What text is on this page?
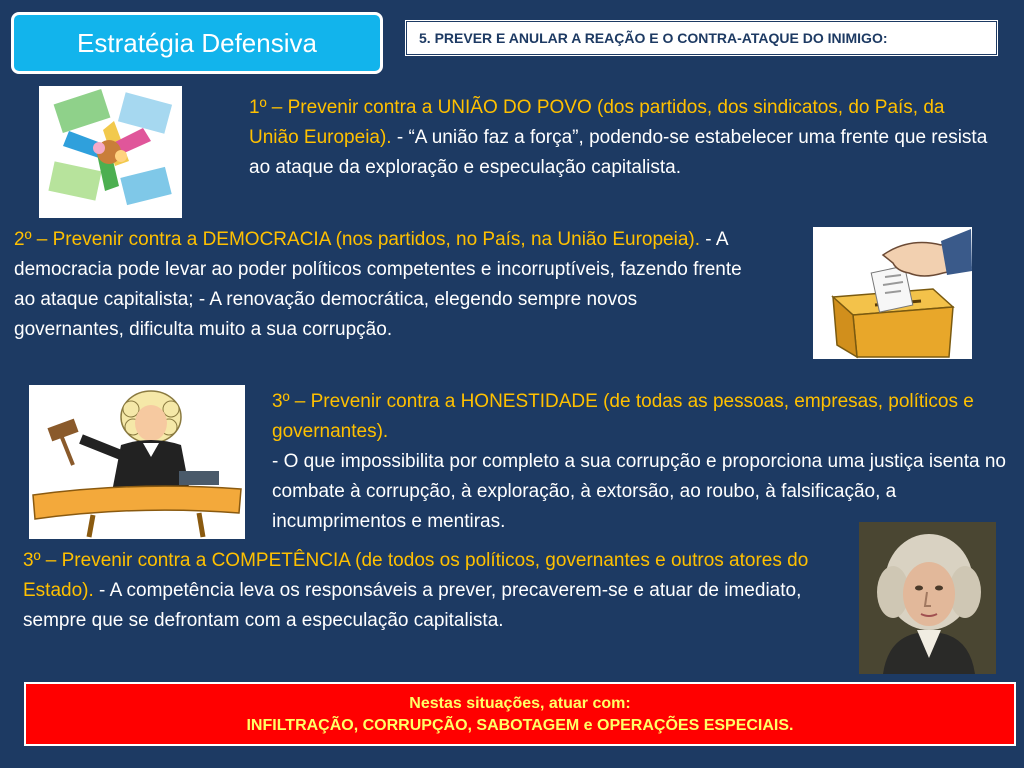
Estratégia Defensiva	5. PREVER E ANULAR A REAÇÃO E O CONTRA-ATAQUE DO INIMIGO:
1º – Prevenir contra a UNIÃO DO POVO (dos partidos, dos sindicatos, do País, da União Europeia). - “A união faz a força”, podendo-se estabelecer uma frente que resista ao ataque da exploração e especulação capitalista.
2º – Prevenir contra a DEMOCRACIA (nos partidos, no País, na União Europeia). - A democracia pode levar ao poder políticos competentes e incorruptíveis, fazendo frente ao ataque capitalista; - A renovação democrática, elegendo sempre novos governantes, dificulta muito a sua corrupção.
3º – Prevenir contra a HONESTIDADE (de todas as pessoas, empresas, políticos e governantes).
- O que impossibilita por completo a sua corrupção e proporciona uma justiça isenta no combate à corrupção, à exploração, à extorsão, ao roubo, à falsificação, a incumprimentos e mentiras.
3º – Prevenir contra a COMPETÊNCIA (de todos os políticos, governantes e outros atores do Estado). - A competência leva os responsáveis a prever, precaverem-se e atuar de imediato, sempre que se defrontam com a especulação capitalista.
Nestas situações, atuar com:
INFILTRAÇÃO, CORRUPÇÃO, SABOTAGEM e OPERAÇÕES ESPECIAIS.
